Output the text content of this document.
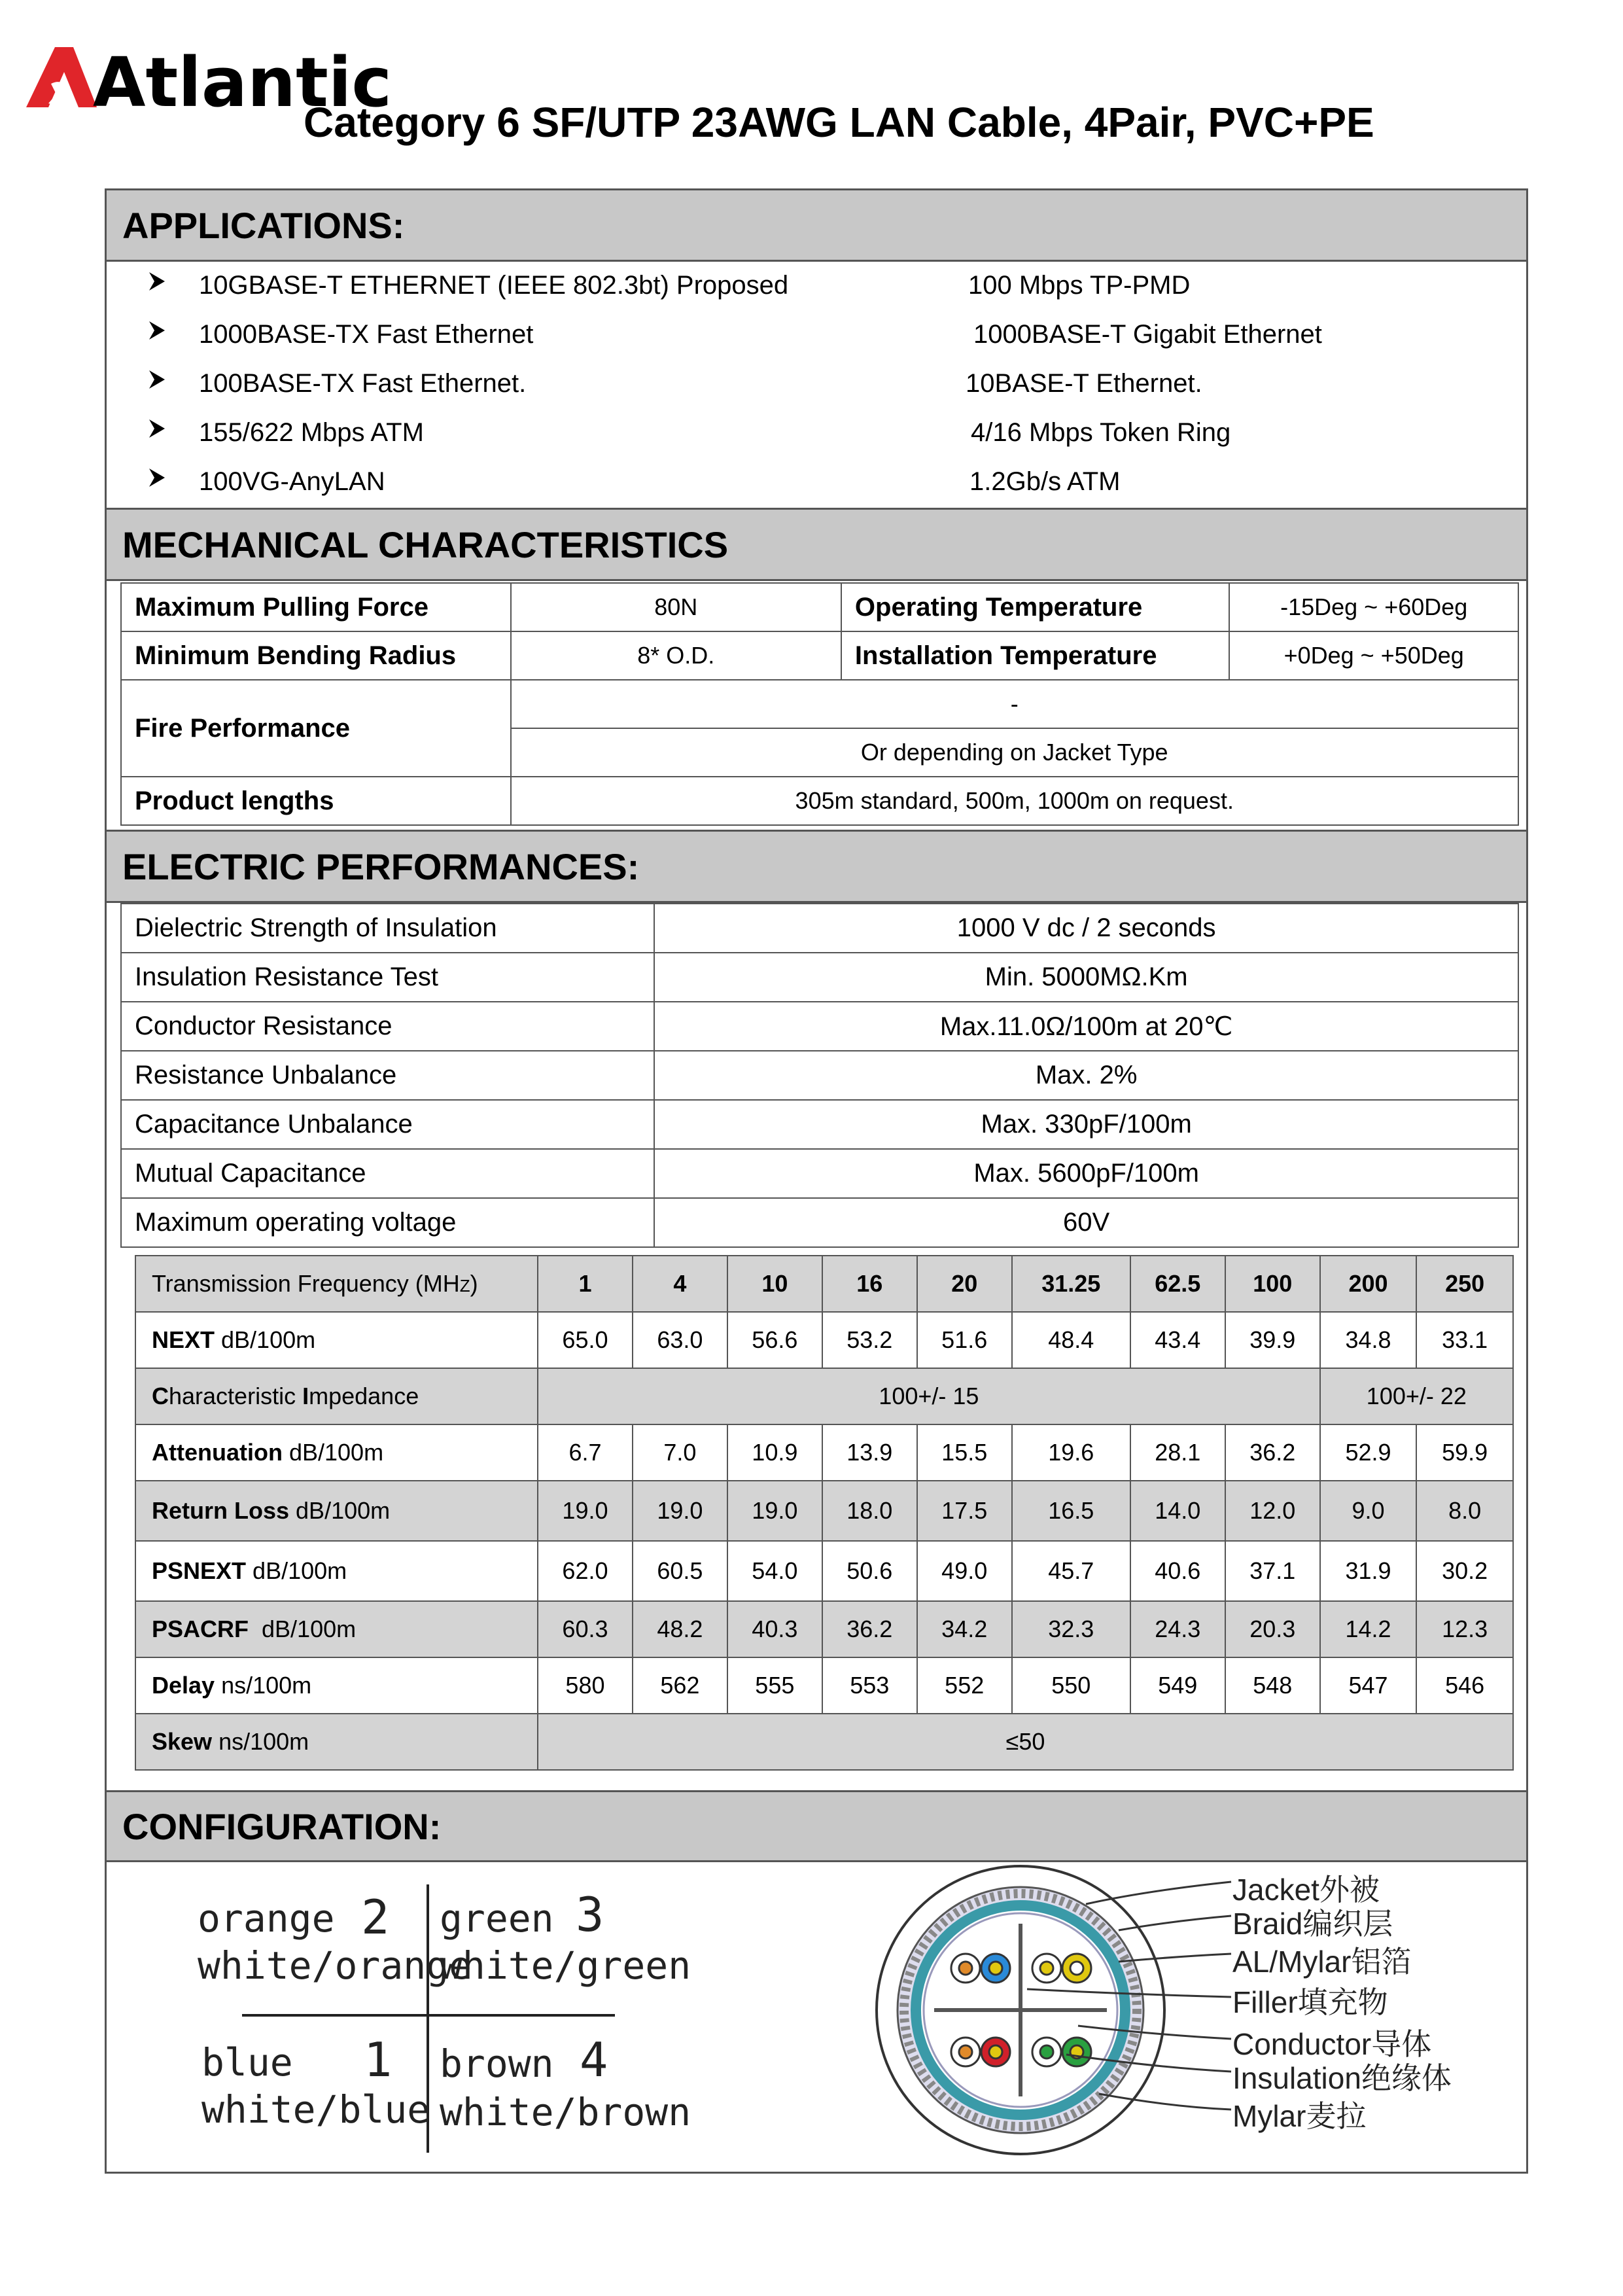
Atlantic
Category 6 SF/UTP 23AWG LAN Cable, 4Pair, PVC+PE
APPLICATIONS:
10GBASE-T ETHERNET (IEEE 802.3bt) Proposed	100 Mbps TP-PMD
1000BASE-TX Fast Ethernet	1000BASE-T Gigabit Ethernet
100BASE-TX Fast Ethernet.	10BASE-T Ethernet.
155/622 Mbps ATM	4/16 Mbps Token Ring
100VG-AnyLAN	1.2Gb/s ATM
MECHANICAL CHARACTERISTICS
Maximum Pulling Force	80N	Operating Temperature	-15Deg ~ +60Deg
Minimum Bending Radius	8* O.D.	Installation Temperature	+0Deg ~ +50Deg
Fire Performance	-		
	Or depending on Jacket Type		
Product lengths	305m standard, 500m, 1000m on request.		
ELECTRIC PERFORMANCES:
Dielectric Strength of Insulation	1000 V dc / 2 seconds
Insulation Resistance Test	Min. 5000MΩ.Km
Conductor Resistance	Max.11.0Ω/100m at 20℃
Resistance Unbalance	Max. 2%
Capacitance Unbalance	Max. 330pF/100m
Mutual Capacitance	Max. 5600pF/100m
Maximum operating voltage	60V
Transmission Frequency (MHZ)	1	4	10	16	20	31.25	62.5	100	200	250
NEXT dB/100m	65.0	63.0	56.6	53.2	51.6	48.4	43.4	39.9	34.8	33.1
Characteristic Impedance	100+/- 15								100+/- 22	
Attenuation dB/100m	6.7	7.0	10.9	13.9	15.5	19.6	28.1	36.2	52.9	59.9
Return Loss dB/100m	19.0	19.0	19.0	18.0	17.5	16.5	14.0	12.0	9.0	8.0
PSNEXT dB/100m	62.0	60.5	54.0	50.6	49.0	45.7	40.6	37.1	31.9	30.2
PSACRF  dB/100m	60.3	48.2	40.3	36.2	34.2	32.3	24.3	20.3	14.2	12.3
Delay ns/100m	580	562	555	553	552	550	549	548	547	546
Skew ns/100m	≤50									
CONFIGURATION:
orange 2
white/orange
green 3
white/green
blue 1
white/blue
brown 4
white/brown
Jacket外被
Braid编织层
AL/Mylar铝箔
Filler填充物
Conductor导体
Insulation绝缘体
Mylar麦拉
